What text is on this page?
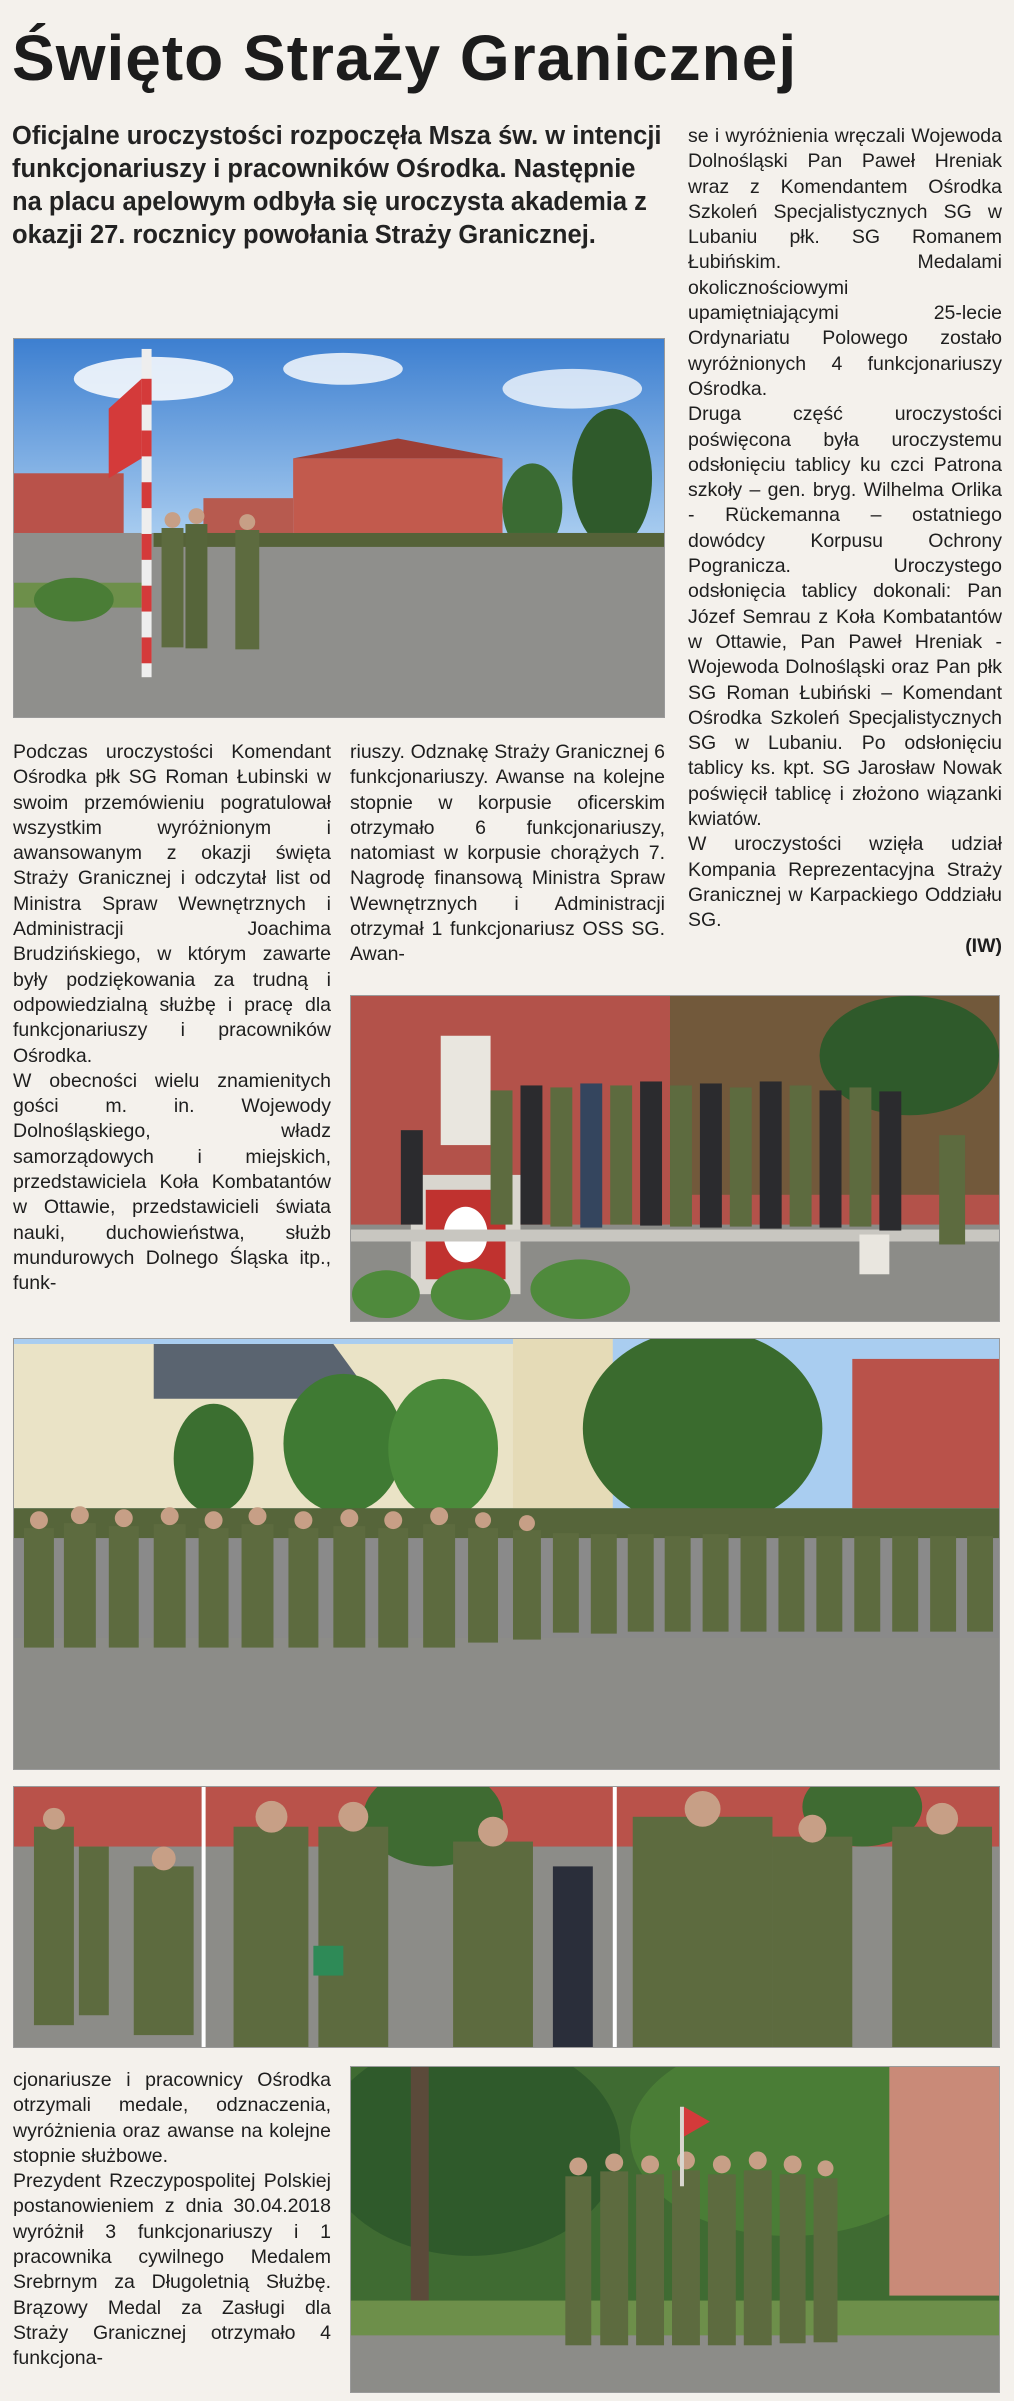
Święto Straży Granicznej
Oficjalne uroczystości rozpoczęła Msza św. w intencji funkcjonariuszy i pracowników Ośrodka. Następnie na placu apelowym odbyła się uroczysta akademia z okazji 27. rocznicy powołania Straży Granicznej.

se i wyróżnienia wręczali Wojewoda Dolnośląski Pan Paweł Hreniak wraz z Komendantem Ośrodka Szkoleń Specjalistycznych SG w Lubaniu płk. SG Romanem Łubińskim. Medalami okolicznościowymi upamiętniającymi 25-lecie Ordynariatu Polowego zostało wyróżnionych 4 funkcjonariuszy Ośrodka.

Druga część uroczystości poświęcona była uroczystemu odsłonięciu tablicy ku czci Patrona szkoły – gen. bryg. Wilhelma Orlika - Rückemanna – ostatniego dowódcy Korpusu Ochrony Pogranicza. Uroczystego odsłonięcia tablicy dokonali: Pan Józef Semrau z Koła Kombatantów w Ottawie, Pan Paweł Hreniak - Wojewoda Dolnośląski oraz Pan płk SG Roman Łubiński – Komendant Ośrodka Szkoleń Specjalistycznych SG w Lubaniu. Po odsłonięciu tablicy ks. kpt. SG Jarosław Nowak poświęcił tablicę i złożono wiązanki kwiatów.

W uroczystości wzięła udział Kompania Reprezentacyjna Straży Granicznej w Karpackiego Oddziału SG.

(IW)

Podczas uroczystości Komendant Ośrodka płk SG Roman Łubinski w swoim przemówieniu pogratulował wszystkim wyróżnionym i awansowanym z okazji święta Straży Granicznej i odczytał list od Ministra Spraw Wewnętrznych i Administracji Joachima Brudzińskiego, w którym zawarte były podziękowania za trudną i odpowiedzialną służbę i pracę dla funkcjonariuszy i pracowników Ośrodka.

W obecności wielu znamienitych gości m. in. Wojewody Dolnośląskiego, władz samorządowych i miejskich, przedstawiciela Koła Kombatantów w Ottawie, przedstawicieli świata nauki, duchowieństwa, służb mundurowych Dolnego Śląska itp., funk-

riuszy. Odznakę Straży Granicznej 6 funkcjonariuszy. Awanse na kolejne stopnie w korpusie oficerskim otrzymało 6 funkcjonariuszy, natomiast w korpusie chorążych 7. Nagrodę finansową Ministra Spraw Wewnętrznych i Administracji otrzymał 1 funkcjonariusz OSS SG. Awan-

cjonariusze i pracownicy Ośrodka otrzymali medale, odznaczenia, wyróżnienia oraz awanse na kolejne stopnie służbowe.

Prezydent Rzeczypospolitej Polskiej postanowieniem z dnia 30.04.2018 wyróżnił 3 funkcjonariuszy i 1 pracownika cywilnego Medalem Srebrnym za Długoletnią Służbę. Brązowy Medal za Zasługi dla Straży Granicznej otrzymało 4 funkcjona-
